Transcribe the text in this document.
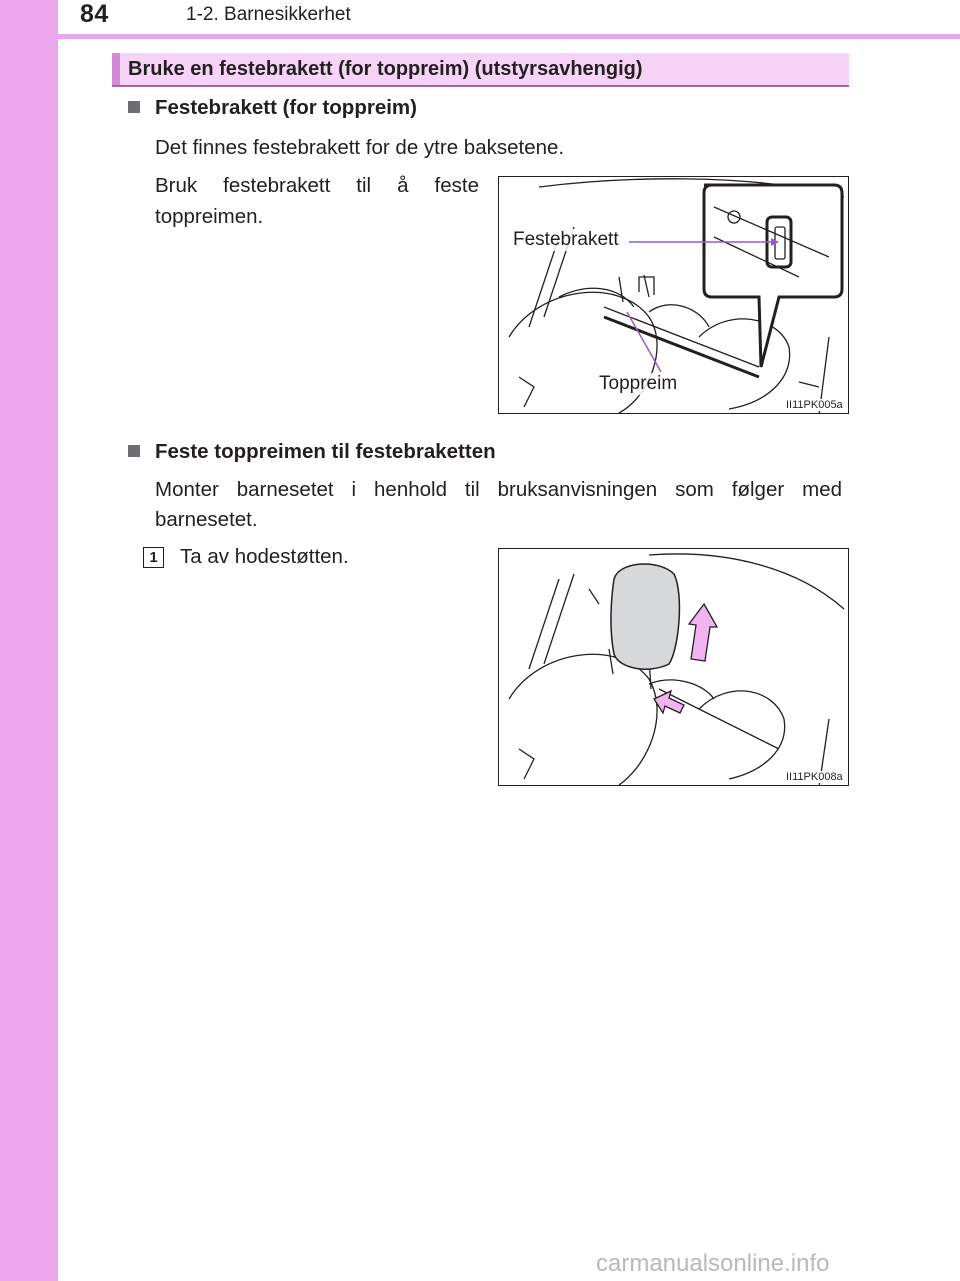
84	1-2. Barnesikkerhet
Bruke en festebrakett (for toppreim) (utstyrsavhengig)
Festebrakett (for toppreim)
Det finnes festebrakett for de ytre baksetene.
Bruk festebrakett til å feste
toppreimen.
Festebrakett
Toppreim
II11PK005a
Feste toppreimen til festebraketten
Monter barnesetet i henhold til bruksanvisningen som følger med
barnesetet.
1	Ta av hodestøtten.
II11PK008a
carmanualsonline.info
